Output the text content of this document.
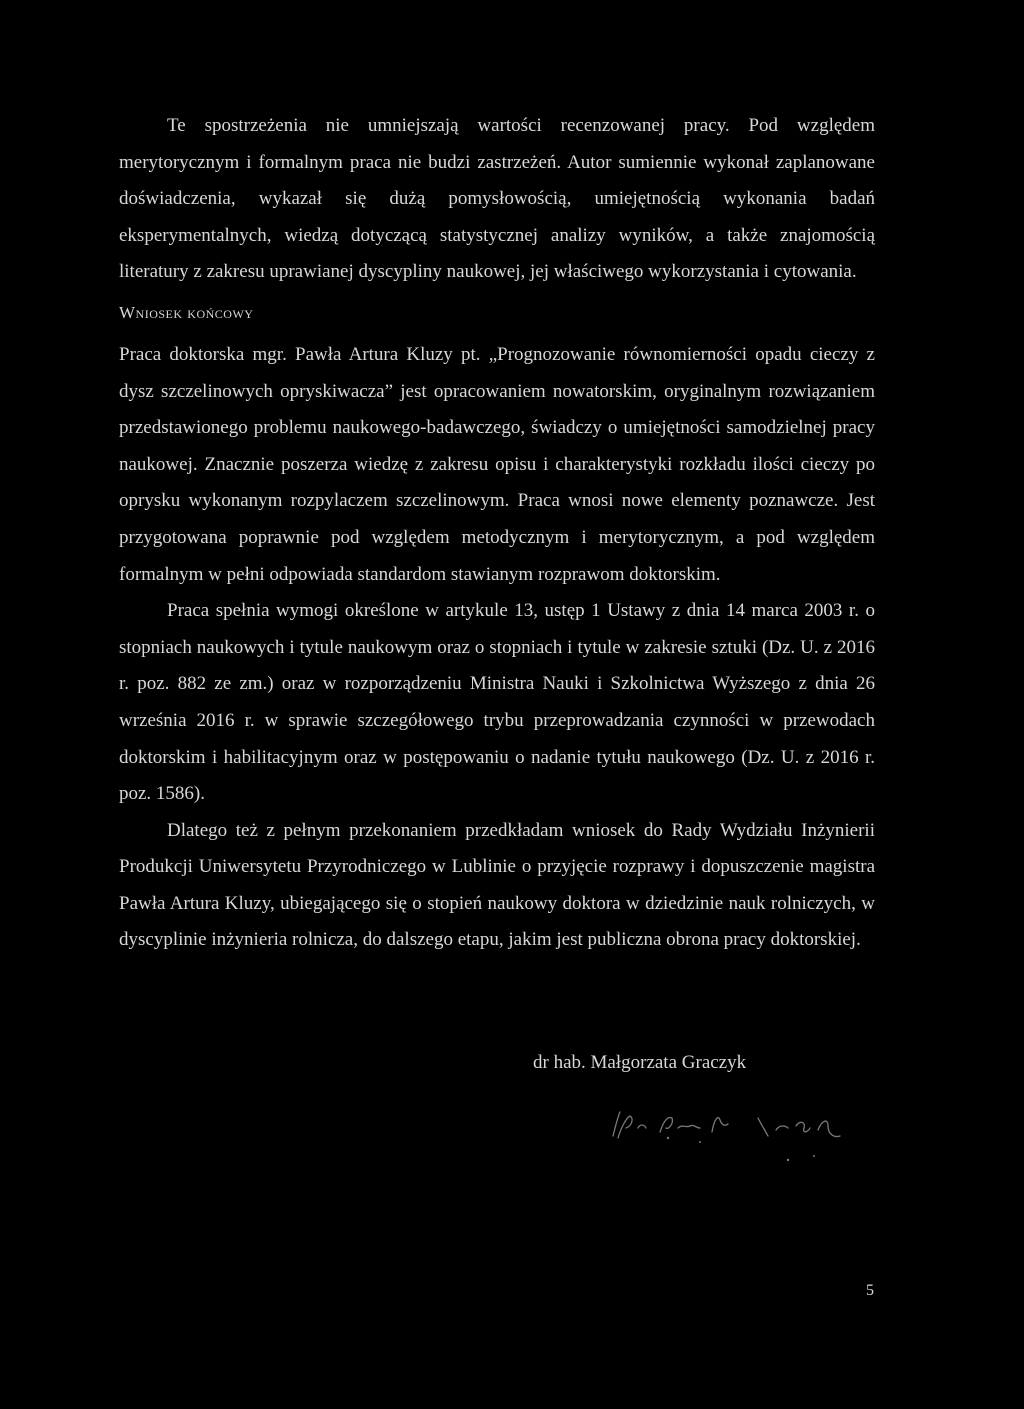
Te spostrzeżenia nie umniejszają wartości recenzowanej pracy. Pod względem merytorycznym i formalnym praca nie budzi zastrzeżeń. Autor sumiennie wykonał zaplanowane doświadczenia, wykazał się dużą pomysłowością, umiejętnością wykonania badań eksperymentalnych, wiedzą dotyczącą statystycznej analizy wyników, a także znajomością literatury z zakresu uprawianej dyscypliny naukowej, jej właściwego wykorzystania i cytowania.

Wniosek końcowy

Praca doktorska mgr. Pawła Artura Kluzy pt. „Prognozowanie równomierności opadu cieczy z dysz szczelinowych opryskiwacza” jest opracowaniem nowatorskim, oryginalnym rozwiązaniem przedstawionego problemu naukowego-badawczego, świadczy o umiejętności samodzielnej pracy naukowej. Znacznie poszerza wiedzę z zakresu opisu i charakterystyki rozkładu ilości cieczy po oprysku wykonanym rozpylaczem szczelinowym. Praca wnosi nowe elementy poznawcze. Jest przygotowana poprawnie pod względem metodycznym i merytorycznym, a pod względem formalnym w pełni odpowiada standardom stawianym rozprawom doktorskim.

Praca spełnia wymogi określone w artykule 13, ustęp 1 Ustawy z dnia 14 marca 2003 r. o stopniach naukowych i tytule naukowym oraz o stopniach i tytule w zakresie sztuki (Dz. U. z 2016 r. poz. 882 ze zm.) oraz w rozporządzeniu Ministra Nauki i Szkolnictwa Wyższego z dnia 26 września 2016 r. w sprawie szczegółowego trybu przeprowadzania czynności w przewodach doktorskim i habilitacyjnym oraz w postępowaniu o nadanie tytułu naukowego (Dz. U. z 2016 r. poz. 1586).

Dlatego też z pełnym przekonaniem przedkładam wniosek do Rady Wydziału Inżynierii Produkcji Uniwersytetu Przyrodniczego w Lublinie o przyjęcie rozprawy i dopuszczenie magistra Pawła Artura Kluzy, ubiegającego się o stopień naukowy doktora w dziedzinie nauk rolniczych, w dyscyplinie inżynieria rolnicza, do dalszego etapu, jakim jest publiczna obrona pracy doktorskiej.

dr hab. Małgorzata Graczyk
5
